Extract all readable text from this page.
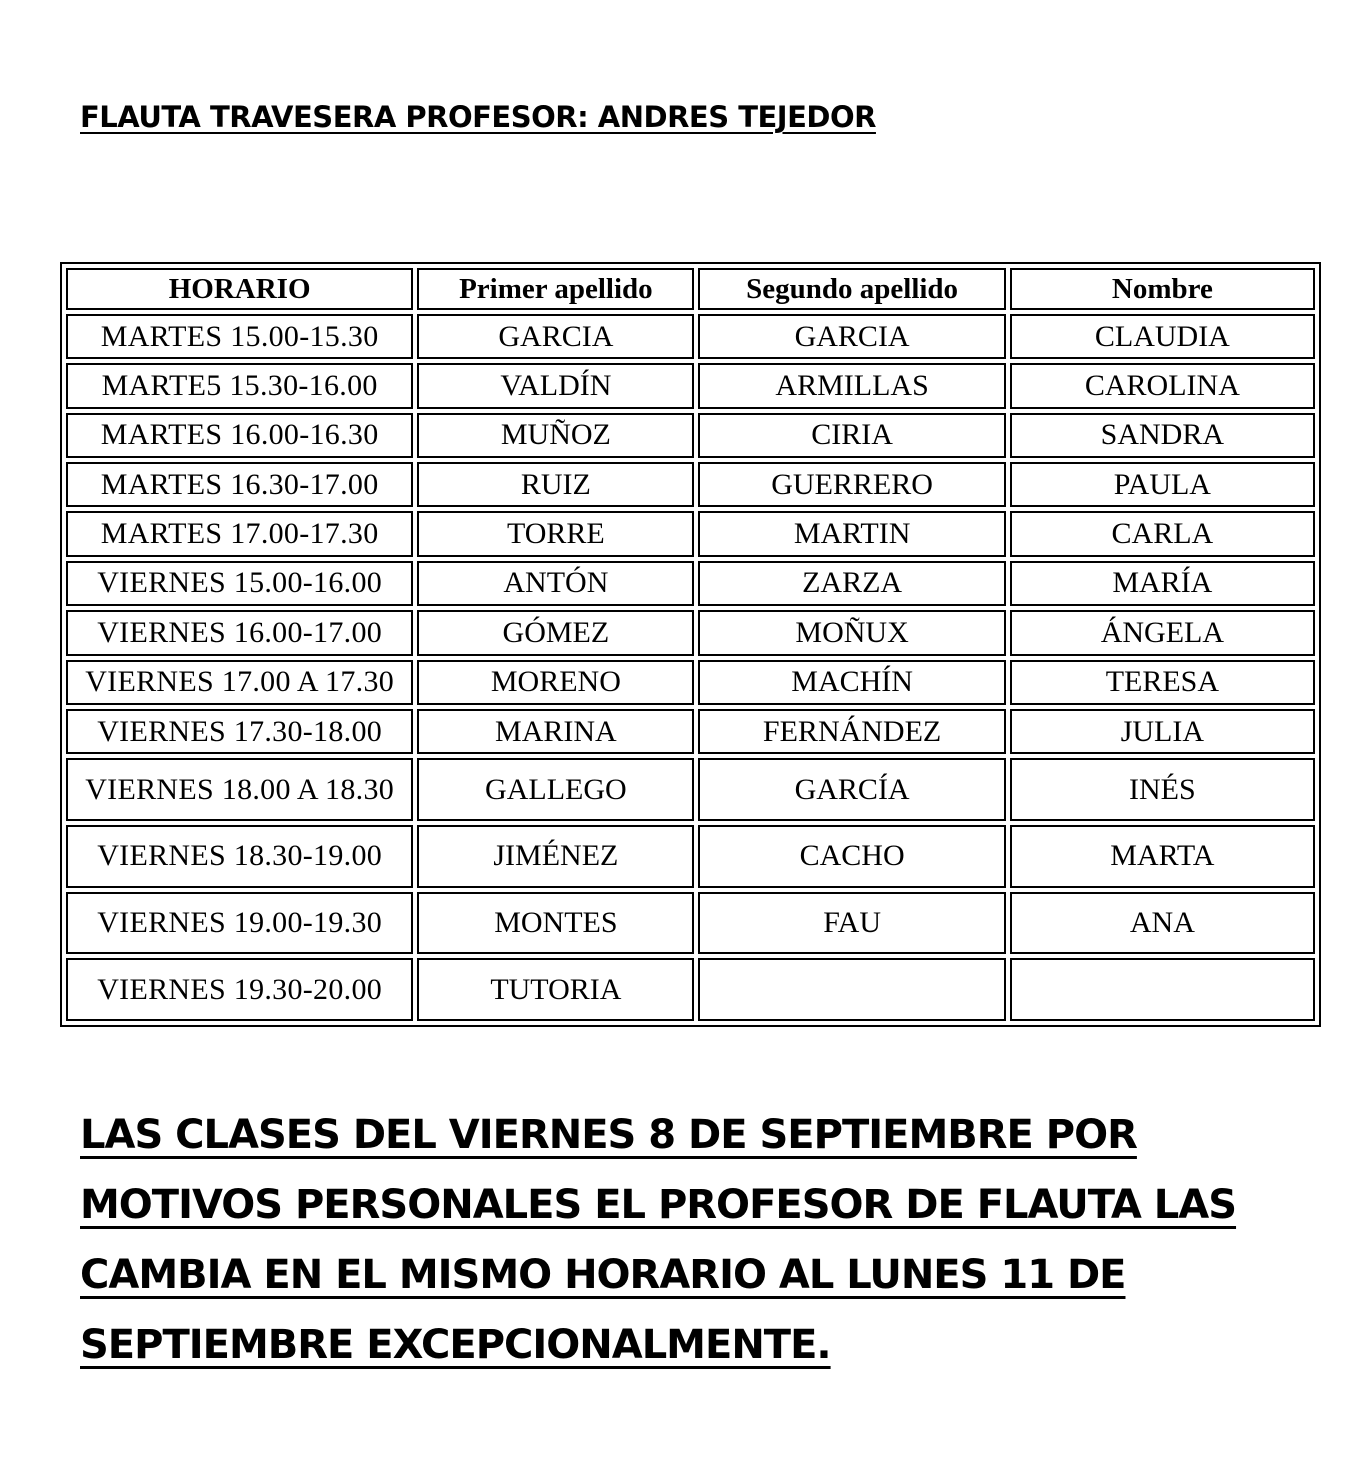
FLAUTA TRAVESERA PROFESOR: ANDRES TEJEDOR
HORARIO	Primer apellido	Segundo apellido	Nombre
MARTES 15.00-15.30	GARCIA	GARCIA	CLAUDIA
MARTE5 15.30-16.00	VALDÍN	ARMILLAS	CAROLINA
MARTES 16.00-16.30	MUÑOZ	CIRIA	SANDRA
MARTES 16.30-17.00	RUIZ	GUERRERO	PAULA
MARTES 17.00-17.30	TORRE	MARTIN	CARLA
VIERNES 15.00-16.00	ANTÓN	ZARZA	MARÍA
VIERNES 16.00-17.00	GÓMEZ	MOÑUX	ÁNGELA
VIERNES 17.00 A 17.30	MORENO	MACHÍN	TERESA
VIERNES 17.30-18.00	MARINA	FERNÁNDEZ	JULIA
VIERNES 18.00 A 18.30	GALLEGO	GARCÍA	INÉS
VIERNES 18.30-19.00	JIMÉNEZ	CACHO	MARTA
VIERNES 19.00-19.30	MONTES	FAU	ANA
VIERNES 19.30-20.00	TUTORIA		
LAS CLASES DEL VIERNES 8 DE SEPTIEMBRE POR
MOTIVOS PERSONALES EL PROFESOR DE FLAUTA LAS
CAMBIA EN EL MISMO HORARIO AL LUNES 11 DE
SEPTIEMBRE EXCEPCIONALMENTE.
